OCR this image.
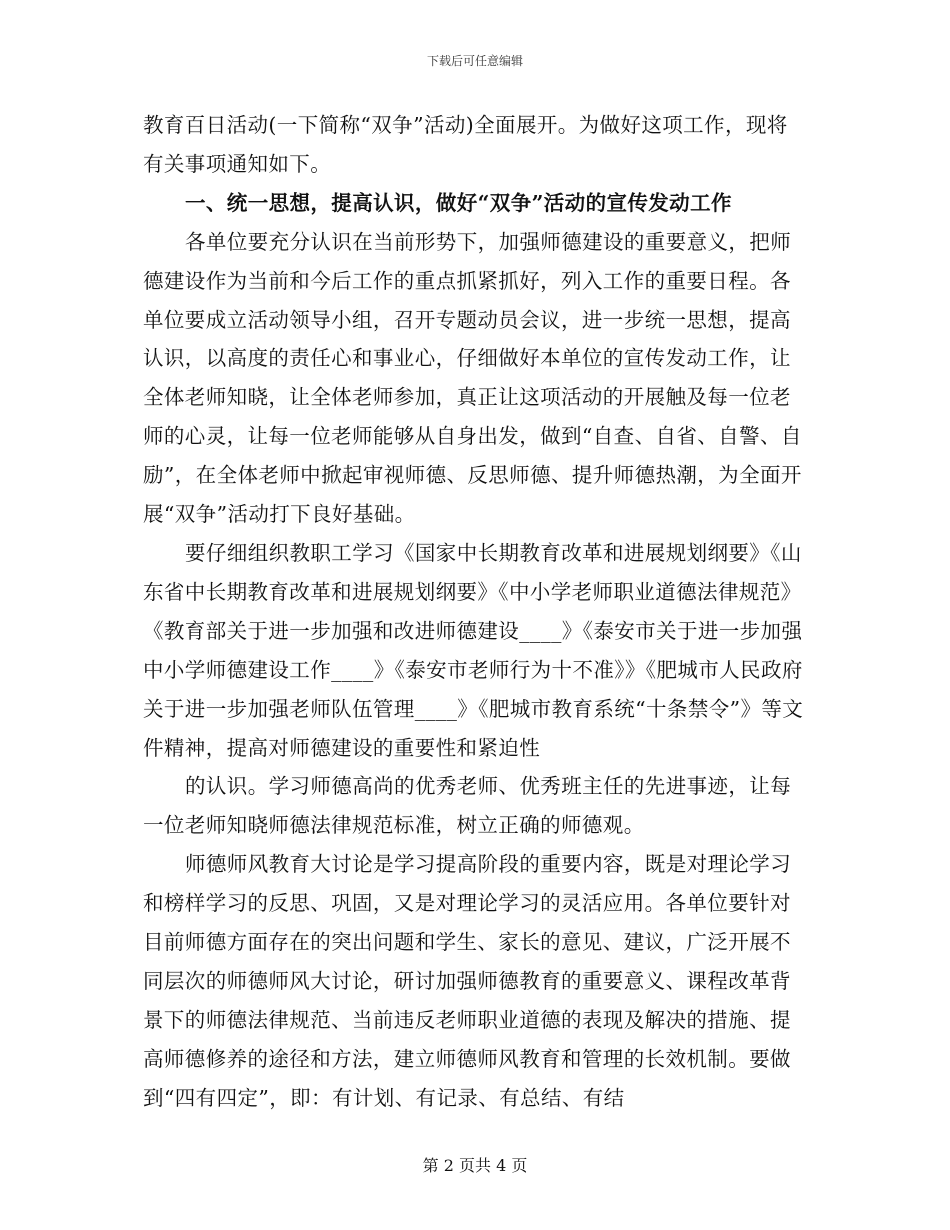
下载后可任意编辑

教育百日活动(一下简称“双争”活动)全面展开。为做好这项工作，现将有关事项通知如下。

一、统一思想，提高认识，做好“双争”活动的宣传发动工作

各单位要充分认识在当前形势下，加强师德建设的重要意义，把师德建设作为当前和今后工作的重点抓紧抓好，列入工作的重要日程。各单位要成立活动领导小组，召开专题动员会议，进一步统一思想，提高认识，以高度的责任心和事业心，仔细做好本单位的宣传发动工作，让全体老师知晓，让全体老师参加，真正让这项活动的开展触及每一位老师的心灵，让每一位老师能够从自身出发，做到“自查、自省、自警、自励”，在全体老师中掀起审视师德、反思师德、提升师德热潮，为全面开展“双争”活动打下良好基础。

要仔细组织教职工学习《国家中长期教育改革和进展规划纲要》《山东省中长期教育改革和进展规划纲要》《中小学老师职业道德法律规范》《教育部关于进一步加强和改进师德建设____》《泰安市关于进一步加强中小学师德建设工作____》《泰安市老师行为十不准》》《肥城市人民政府关于进一步加强老师队伍管理____》《肥城市教育系统“十条禁令”》等文件精神，提高对师德建设的重要性和紧迫性

的认识。学习师德高尚的优秀老师、优秀班主任的先进事迹，让每一位老师知晓师德法律规范标准，树立正确的师德观。

师德师风教育大讨论是学习提高阶段的重要内容，既是对理论学习和榜样学习的反思、巩固，又是对理论学习的灵活应用。各单位要针对目前师德方面存在的突出问题和学生、家长的意见、建议，广泛开展不同层次的师德师风大讨论，研讨加强师德教育的重要意义、课程改革背景下的师德法律规范、当前违反老师职业道德的表现及解决的措施、提高师德修养的途径和方法，建立师德师风教育和管理的长效机制。要做到“四有四定”，即：有计划、有记录、有总结、有结

第 2 页共 4 页
